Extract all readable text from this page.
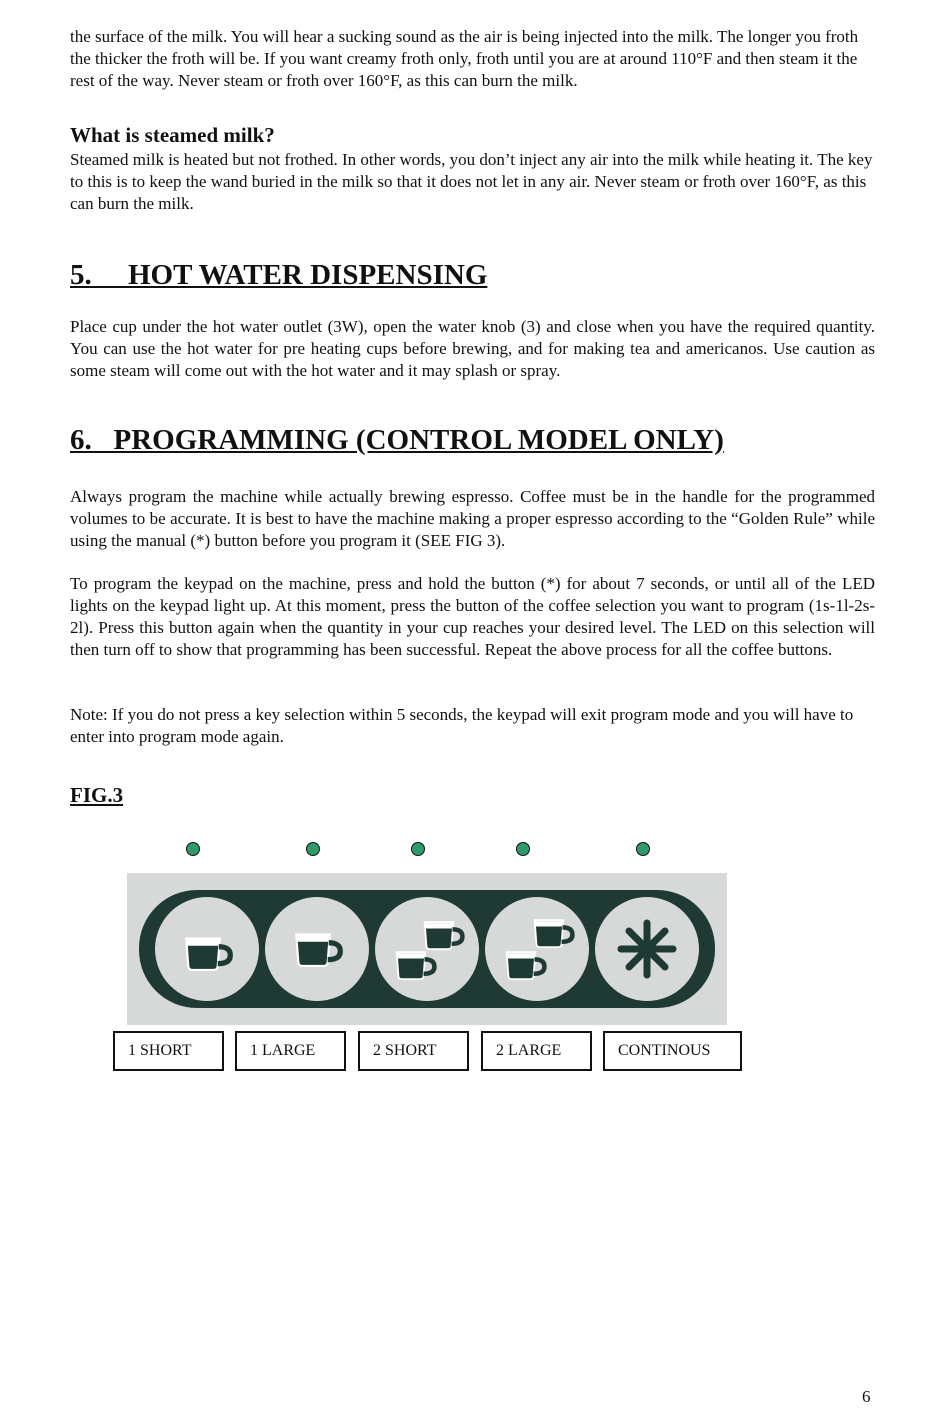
the surface of the milk. You will hear a sucking sound as the air is being injected into the milk. The longer you froth the thicker the froth will be. If you want creamy froth only, froth until you are at around 110°F and then steam it the rest of the way. Never steam or froth over 160°F, as this can burn the milk.

What is steamed milk?

Steamed milk is heated but not frothed. In other words, you don’t inject any air into the milk while heating it. The key to this is to keep the wand buried in the milk so that it does not let in any air. Never steam or froth over 160°F, as this can burn the milk.

5.     HOT WATER DISPENSING

Place cup under the hot water outlet (3W), open the water knob (3) and close when you have the required quantity. You can use the hot water for pre heating cups before brewing, and for making tea and americanos. Use caution as some steam will come out with the hot water and it may splash or spray.

6.   PROGRAMMING (CONTROL MODEL ONLY)

Always program the machine while actually brewing espresso. Coffee must be in the handle for the programmed volumes to be accurate. It is best to have the machine making a proper espresso according to the “Golden Rule” while using the manual (*) button before you program it (SEE FIG 3).

To program the keypad on the machine, press and hold the button (*) for about 7 seconds, or until all of the LED lights on the keypad light up. At this moment, press the button of the coffee selection you want to program (1s-1l-2s-2l). Press this button again when the quantity in your cup reaches your desired level. The LED on this selection will then turn off to show that programming has been successful. Repeat the above process for all the coffee buttons.

Note: If you do not press a key selection within 5 seconds, the keypad will exit program mode and you will have to enter into program mode again.

FIG.3
1 SHORT	1 LARGE	2 SHORT	2 LARGE	CONTINOUS
6
